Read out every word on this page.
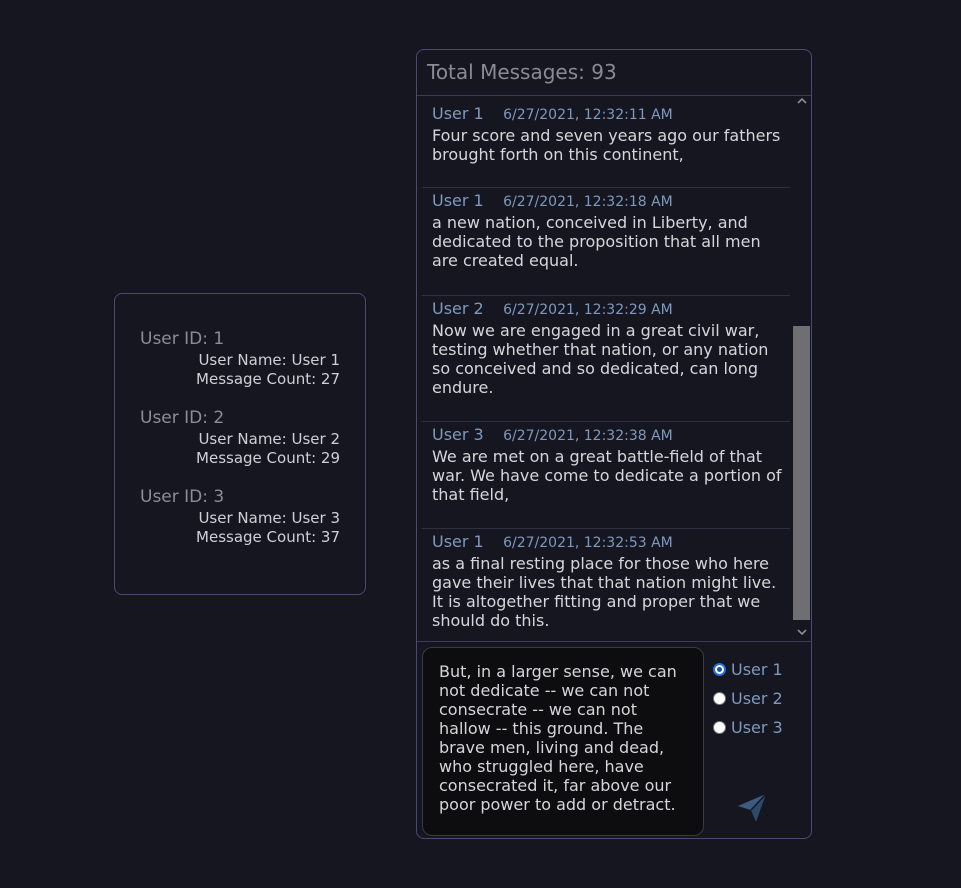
User ID: 1
User Name: User 1
Message Count: 27
User ID: 2
User Name: User 2
Message Count: 29
User ID: 3
User Name: User 3
Message Count: 37
Total Messages: 93
User 1 6/27/2021, 12:32:11 AM
Four score and seven years ago our fathers brought forth on this continent,
User 1 6/27/2021, 12:32:18 AM
a new nation, conceived in Liberty, and dedicated to the proposition that all men are created equal.
User 2 6/27/2021, 12:32:29 AM
Now we are engaged in a great civil war, testing whether that nation, or any nation so conceived and so dedicated, can long endure.
User 3 6/27/2021, 12:32:38 AM
We are met on a great battle-field of that war. We have come to dedicate a portion of that field,
User 1 6/27/2021, 12:32:53 AM
as a final resting place for those who here gave their lives that that nation might live. It is altogether fitting and proper that we should do this.
But, in a larger sense, we can not dedicate -- we can not consecrate -- we can not hallow -- this ground. The brave men, living and dead, who struggled here, have consecrated it, far above our poor power to add or detract.
User 1
User 2
User 3
